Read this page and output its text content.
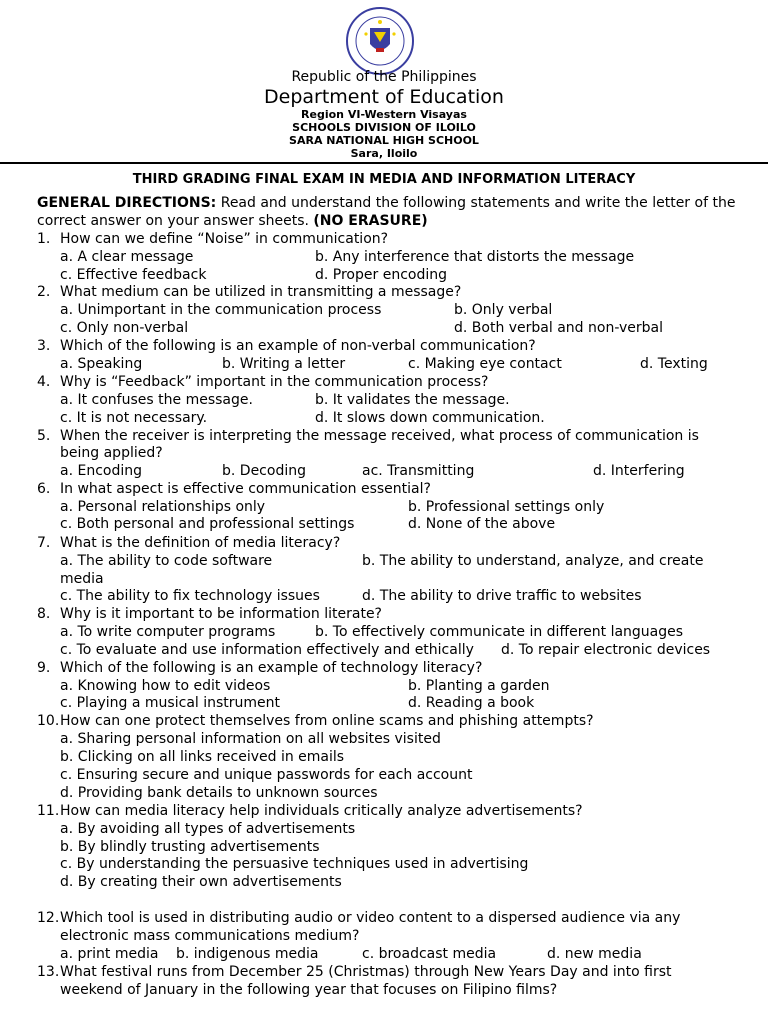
Republic of the Philippines
Department of Education
Region VI-Western Visayas
SCHOOLS DIVISION OF ILOILO
SARA NATIONAL HIGH SCHOOL
Sara, Iloilo
THIRD GRADING FINAL EXAM IN MEDIA AND INFORMATION LITERACY
GENERAL DIRECTIONS: Read and understand the following statements and write the letter of the correct answer on your answer sheets. (NO ERASURE)
1. How can we define “Noise” in communication?
a. A clear message	b. Any interference that distorts the message
c. Effective feedback	d. Proper encoding
2. What medium can be utilized in transmitting a message?
a. Unimportant in the communication process	b. Only verbal
c. Only non-verbal	d. Both verbal and non-verbal
3. Which of the following is an example of non-verbal communication?
a. Speaking	b. Writing a letter	c. Making eye contact	d. Texting
4. Why is “Feedback” important in the communication process?
a. It confuses the message.	b. It validates the message.
c. It is not necessary.	d. It slows down communication.
5. When the receiver is interpreting the message received, what process of communication is
being applied?
a. Encoding	b. Decoding	ac. Transmitting	d. Interfering
6. In what aspect is effective communication essential?
a. Personal relationships only	b. Professional settings only
c. Both personal and professional settings	d. None of the above
7. What is the definition of media literacy?
a. The ability to code software	b. The ability to understand, analyze, and create
media
c. The ability to fix technology issues	d. The ability to drive traffic to websites
8. Why is it important to be information literate?
a. To write computer programs	b. To effectively communicate in different languages
c. To evaluate and use information effectively and ethically d. To repair electronic devices
9. Which of the following is an example of technology literacy?
a. Knowing how to edit videos	b. Planting a garden
c. Playing a musical instrument	d. Reading a book
10. How can one protect themselves from online scams and phishing attempts?
a. Sharing personal information on all websites visited
b. Clicking on all links received in emails
c. Ensuring secure and unique passwords for each account
d. Providing bank details to unknown sources
11. How can media literacy help individuals critically analyze advertisements?
a. By avoiding all types of advertisements
b. By blindly trusting advertisements
c. By understanding the persuasive techniques used in advertising
d. By creating their own advertisements
12. Which tool is used in distributing audio or video content to a dispersed audience via any
electronic mass communications medium?
a. print media b. indigenous media	c. broadcast media	d. new media
13. What festival runs from December 25 (Christmas) through New Years Day and into first
weekend of January in the following year that focuses on Filipino films?
